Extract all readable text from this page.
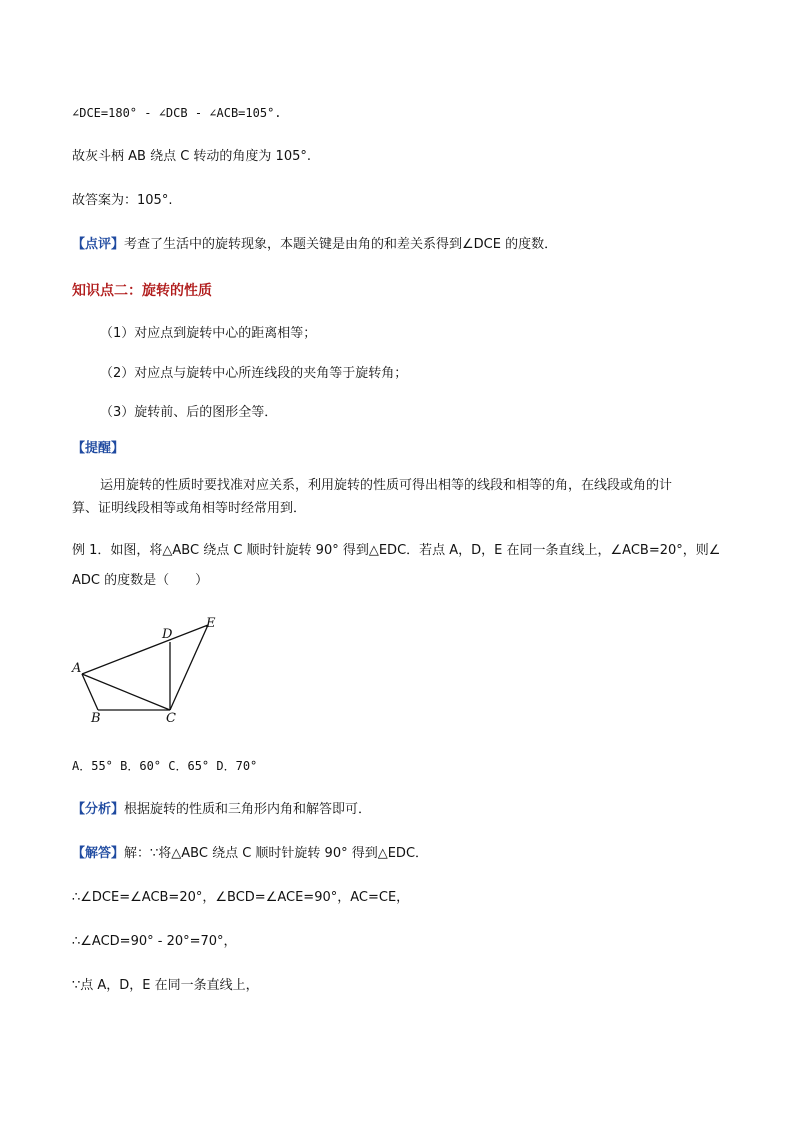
∠DCE=180° - ∠DCB - ∠ACB=105°.
故灰斗柄 AB 绕点 C 转动的角度为 105°.
故答案为：105°.
【点评】考查了生活中的旋转现象，本题关键是由角的和差关系得到∠DCE 的度数．
知识点二：旋转的性质
（1）对应点到旋转中心的距离相等；
（2）对应点与旋转中心所连线段的夹角等于旋转角；
（3）旋转前、后的图形全等．
【提醒】
运用旋转的性质时要找准对应关系，利用旋转的性质可得出相等的线段和相等的角，在线段或角的计
算、证明线段相等或角相等时经常用到．
例 1．如图，将△ABC 绕点 C 顺时针旋转 90° 得到△EDC．若点 A，D，E 在同一条直线上，∠ACB=20°，则∠
ADC 的度数是（　　）
A
B	C
D
E
A．55° B．60° C．65° D．70°
【分析】根据旋转的性质和三角形内角和解答即可．
【解答】解：∵将△ABC 绕点 C 顺时针旋转 90° 得到△EDC．
∴∠DCE=∠ACB=20°，∠BCD=∠ACE=90°，AC=CE，
∴∠ACD=90° - 20°=70°，
∵点 A，D，E 在同一条直线上，
